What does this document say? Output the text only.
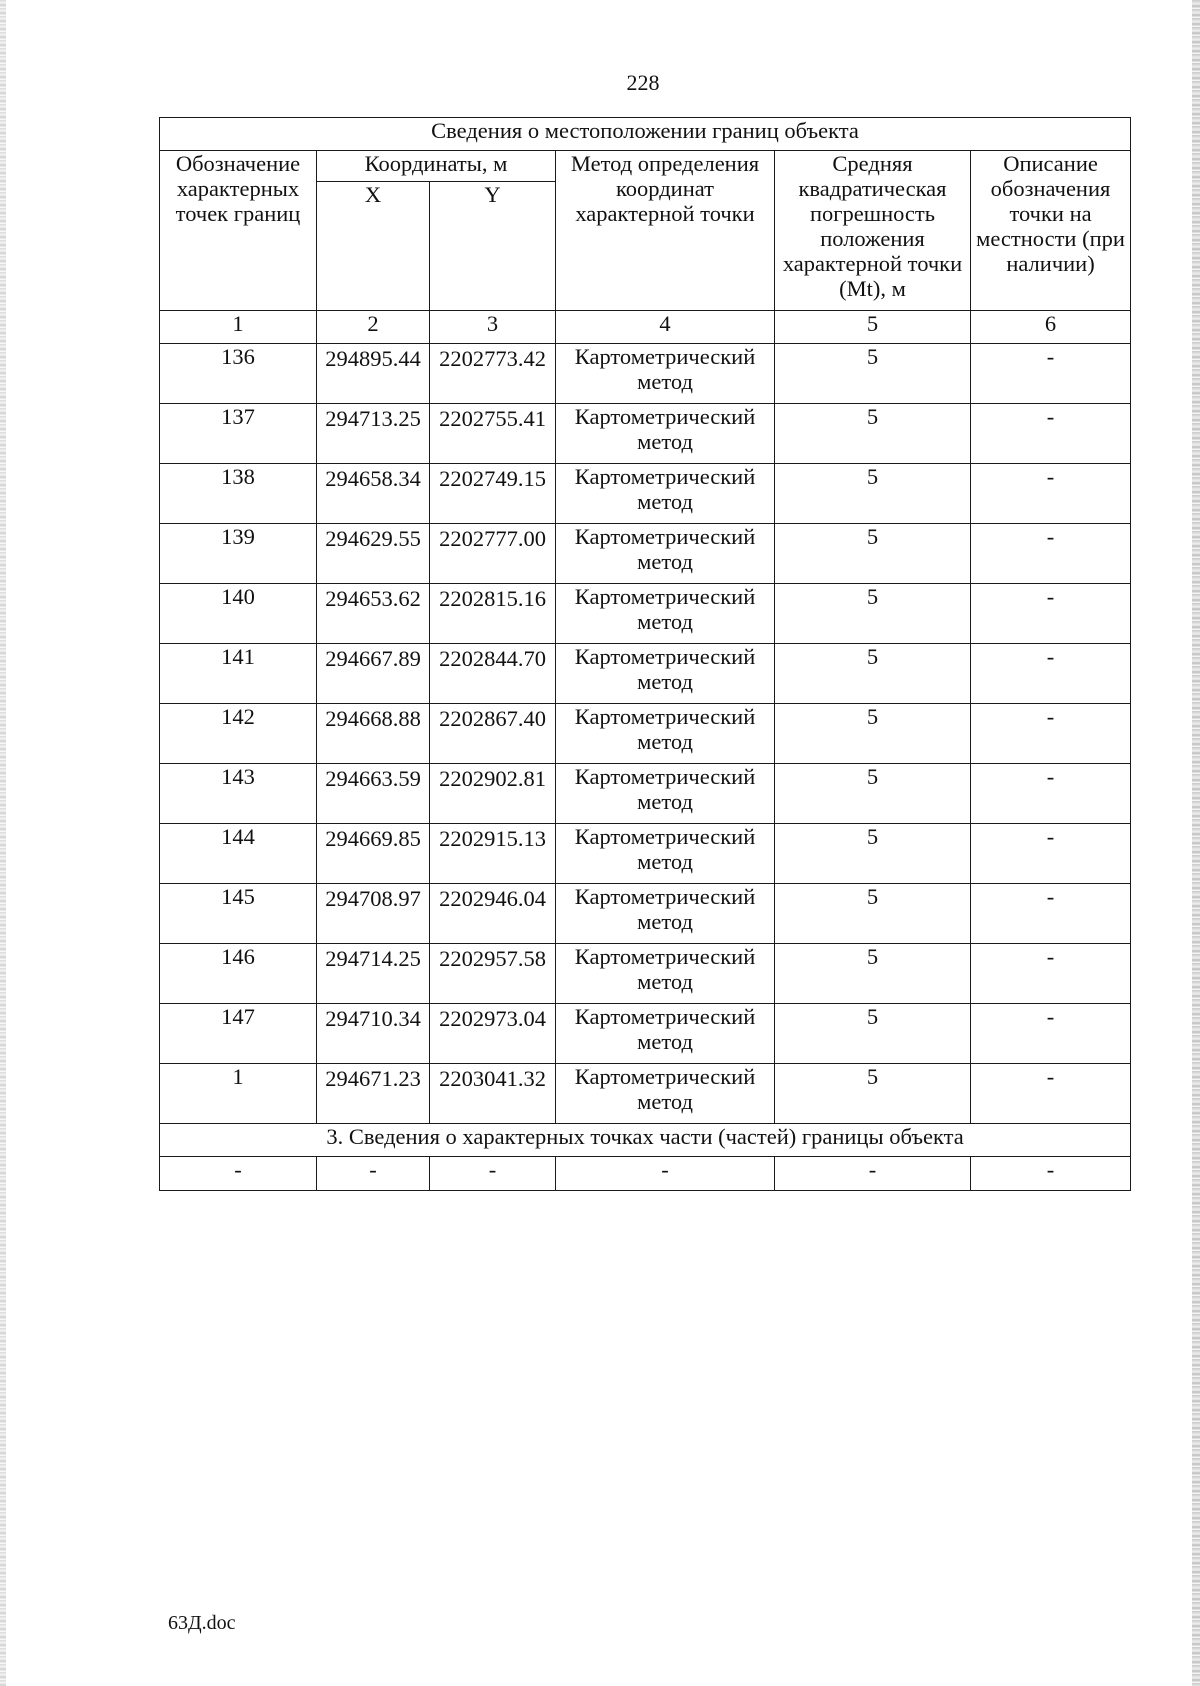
228
Сведения о местоположении границ объекта					
Обозначение характерных точек границ	Координаты, м		Метод определения координат характерной точки	Средняя квадратическая погрешность положения характерной точки (Mt), м	Описание обозначения точки на местности (при наличии)
	X	Y			
1	2	3	4	5	6
136	294895.44	2202773.42	Картометрический метод	5	-
137	294713.25	2202755.41	Картометрический метод	5	-
138	294658.34	2202749.15	Картометрический метод	5	-
139	294629.55	2202777.00	Картометрический метод	5	-
140	294653.62	2202815.16	Картометрический метод	5	-
141	294667.89	2202844.70	Картометрический метод	5	-
142	294668.88	2202867.40	Картометрический метод	5	-
143	294663.59	2202902.81	Картометрический метод	5	-
144	294669.85	2202915.13	Картометрический метод	5	-
145	294708.97	2202946.04	Картометрический метод	5	-
146	294714.25	2202957.58	Картометрический метод	5	-
147	294710.34	2202973.04	Картометрический метод	5	-
1	294671.23	2203041.32	Картометрический метод	5	-
3. Сведения о характерных точках части (частей) границы объекта					
-	-	-	-	-	-
63Д.doc
